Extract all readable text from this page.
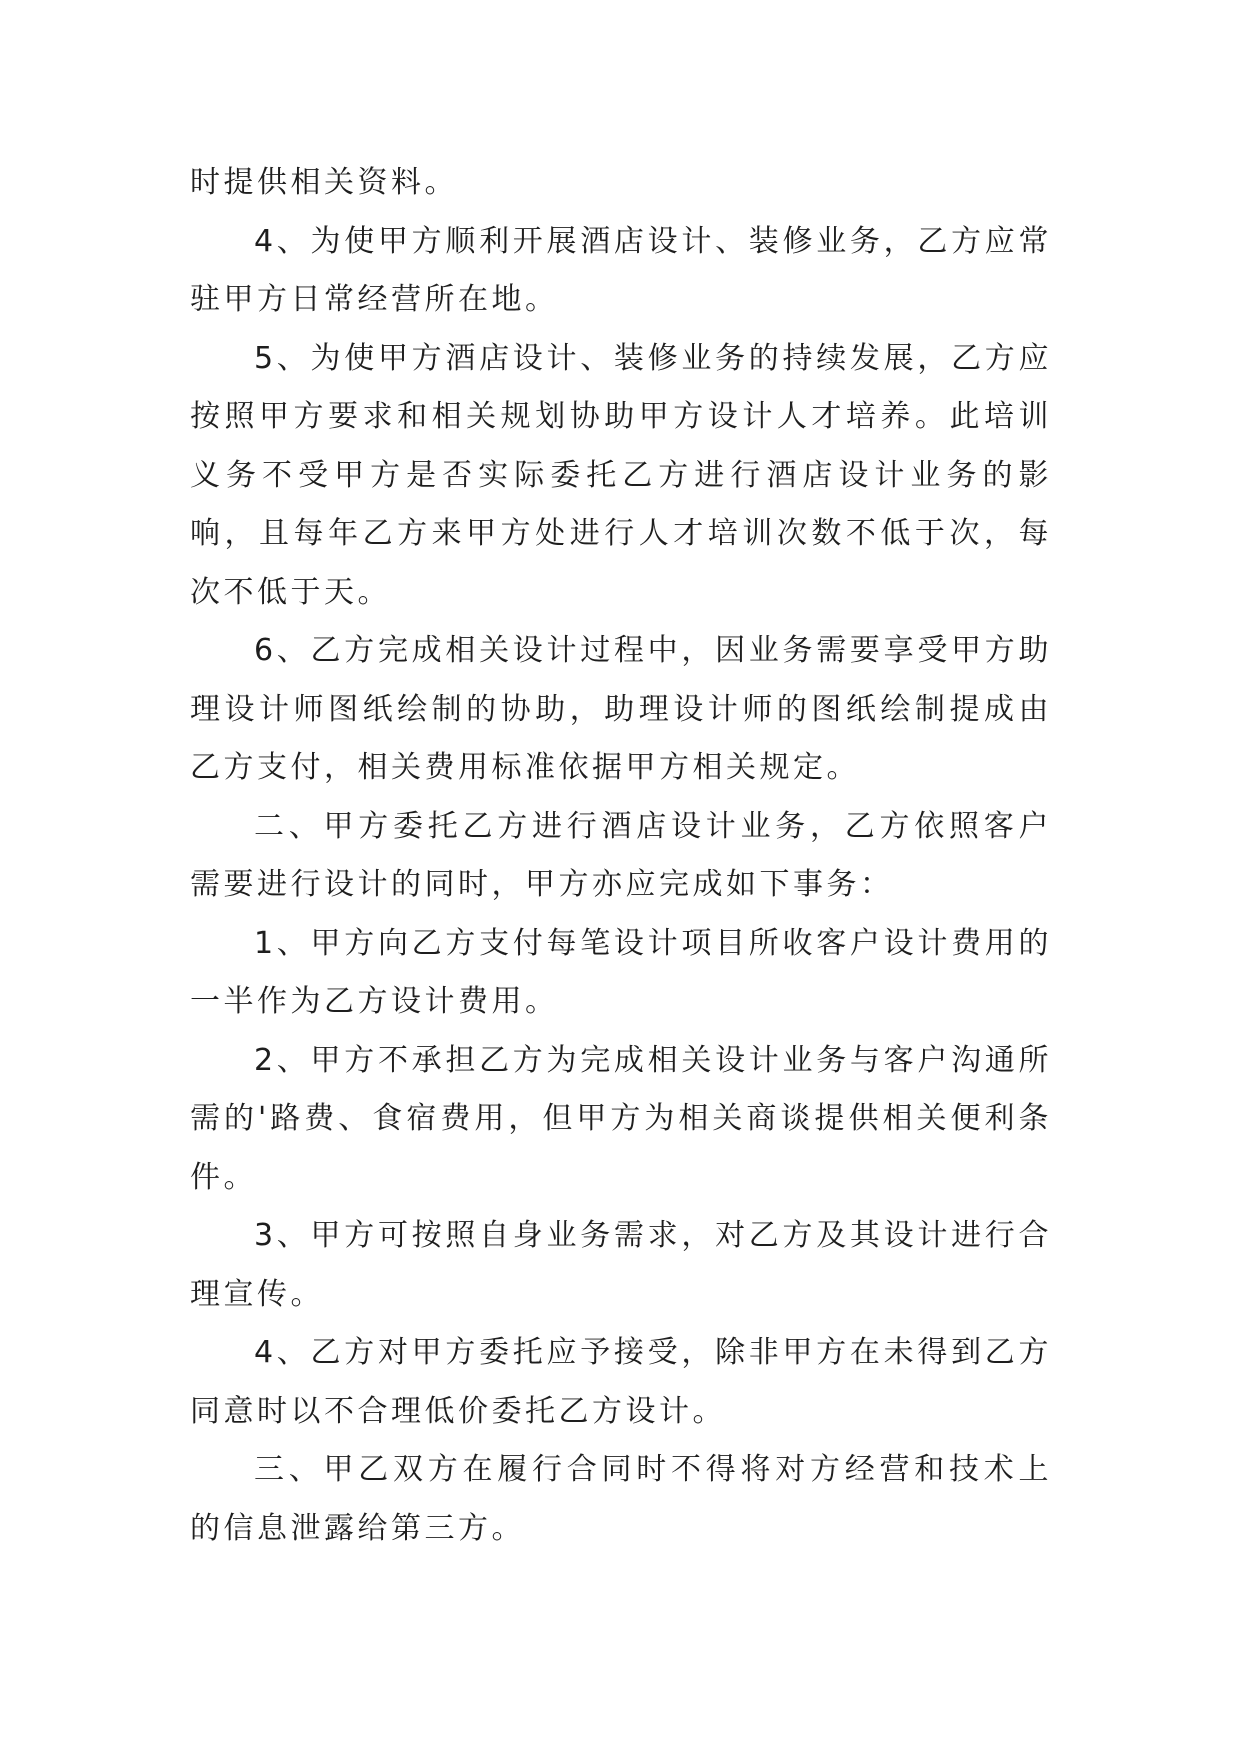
时提供相关资料。

4、为使甲方顺利开展酒店设计、装修业务，乙方应常驻甲方日常经营所在地。

5、为使甲方酒店设计、装修业务的持续发展，乙方应按照甲方要求和相关规划协助甲方设计人才培养。此培训义务不受甲方是否实际委托乙方进行酒店设计业务的影响，且每年乙方来甲方处进行人才培训次数不低于次，每次不低于天。

6、乙方完成相关设计过程中，因业务需要享受甲方助理设计师图纸绘制的协助，助理设计师的图纸绘制提成由乙方支付，相关费用标准依据甲方相关规定。

二、甲方委托乙方进行酒店设计业务，乙方依照客户需要进行设计的同时，甲方亦应完成如下事务：

1、甲方向乙方支付每笔设计项目所收客户设计费用的一半作为乙方设计费用。

2、甲方不承担乙方为完成相关设计业务与客户沟通所需的'路费、食宿费用，但甲方为相关商谈提供相关便利条件。

3、甲方可按照自身业务需求，对乙方及其设计进行合理宣传。

4、乙方对甲方委托应予接受，除非甲方在未得到乙方同意时以不合理低价委托乙方设计。

三、甲乙双方在履行合同时不得将对方经营和技术上的信息泄露给第三方。
